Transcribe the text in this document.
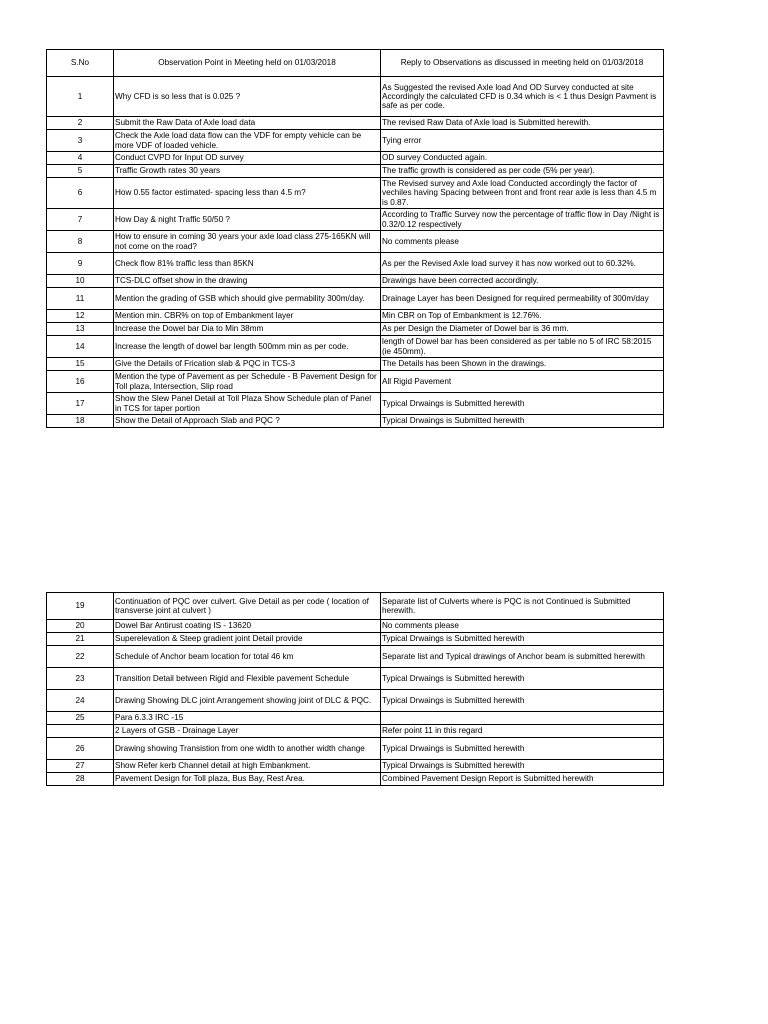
S.No	Observation Point in Meeting held on 01/03/2018	Reply to Observations as discussed in meeting held on 01/03/2018
1	Why CFD is so less that is 0.025 ?	As Suggested the revised Axle load And OD Survey conducted at site Accordingly the calculated CFD is 0.34 which is < 1 thus Design Pavment is safe as per code.
2	Submit the Raw Data of Axle load data	The revised Raw Data of Axle load is Submitted herewith.
3	Check the Axle load data flow can the VDF for empty vehicle can be more VDF of loaded vehicle.	Tying error
4	Conduct CVPD for Input OD survey	OD survey Conducted again.
5	Traffic Growth rates 30 years	The traffic growth is considered as per code (5% per year).
6	How 0.55 factor estimated- spacing less than 4.5 m?	The Revised survey and Axle load Conducted accordingly the factor of vechiles having Spacing between front and front rear axle is less than 4.5 m is 0.87.
7	How Day & night Traffic 50/50 ?	According to Traffic Survey now the percentage of traffic flow in Day /Night is 0.32/0.12 respectively
8	How to ensure in coming 30 years your axle load class 275-165KN will not come on the road?	No comments please
9	Check flow 81% traffic less than 85KN	As per the Revised Axle load survey it has now worked out to 60.32%.
10	TCS-DLC offset show in the drawing	Drawings have been corrected accordingly.
11	Mention the grading of GSB which should give permability 300m/day.	Drainage Layer has been Designed for required permeability of 300m/day
12	Mention min. CBR% on top of Embankment layer	Min CBR on Top of Embankment is 12.76%.
13	Increase the Dowel bar Dia to Min 38mm	As per Design the Diameter of Dowel bar is 36 mm.
14	Increase the length of dowel bar length 500mm min as per code.	length of Dowel bar has been considered as per table no 5 of IRC 58:2015 (ie 450mm).
15	Give the Details of Frication slab & PQC in TCS-3	The Details has been Shown in the drawings.
16	Mention the type of Pavement as per Schedule - B Pavement Design for Toll plaza, Intersection, Slip road	All Rigid Pavement
17	Show the Slew Panel Detail at Toll Plaza Show Schedule plan of Panel in TCS for taper portion	Typical Drwaings is Submitted herewith
18	Show the Detail of Approach Slab and PQC ?	Typical Drwaings is Submitted herewith
19	Continuation of PQC over culvert. Give Detail as per code ( location of transverse joint at culvert )	Separate list of Culverts where is PQC is not Continued is Submitted herewith.
20	Dowel Bar Antirust coating IS - 13620	No comments please
21	Superelevation & Steep gradient joint Detail provide	Typical Drwaings is Submitted herewith
22	Schedule of Anchor beam location for total 46 km	Separate list and Typical drawings of Anchor beam is submitted herewith
23	Transition Detail between Rigid and Flexible pavement Schedule	Typical Drwaings is Submitted herewith
24	Drawing Showing DLC joint Arrangement showing joint of DLC & PQC.	Typical Drwaings is Submitted herewith
25	Para 6.3.3 IRC -15	
	2 Layers of GSB - Drainage Layer	Refer point 11 in this regard
26	Drawing showing Transistion from one width to another width change	Typical Drwaings is Submitted herewith
27	Show Refer kerb Channel detail at high Embankment.	Typical Drwaings is Submitted herewith
28	Pavement Design for Toll plaza, Bus Bay, Rest Area.	Combined Pavement Design Report is Submitted herewith
